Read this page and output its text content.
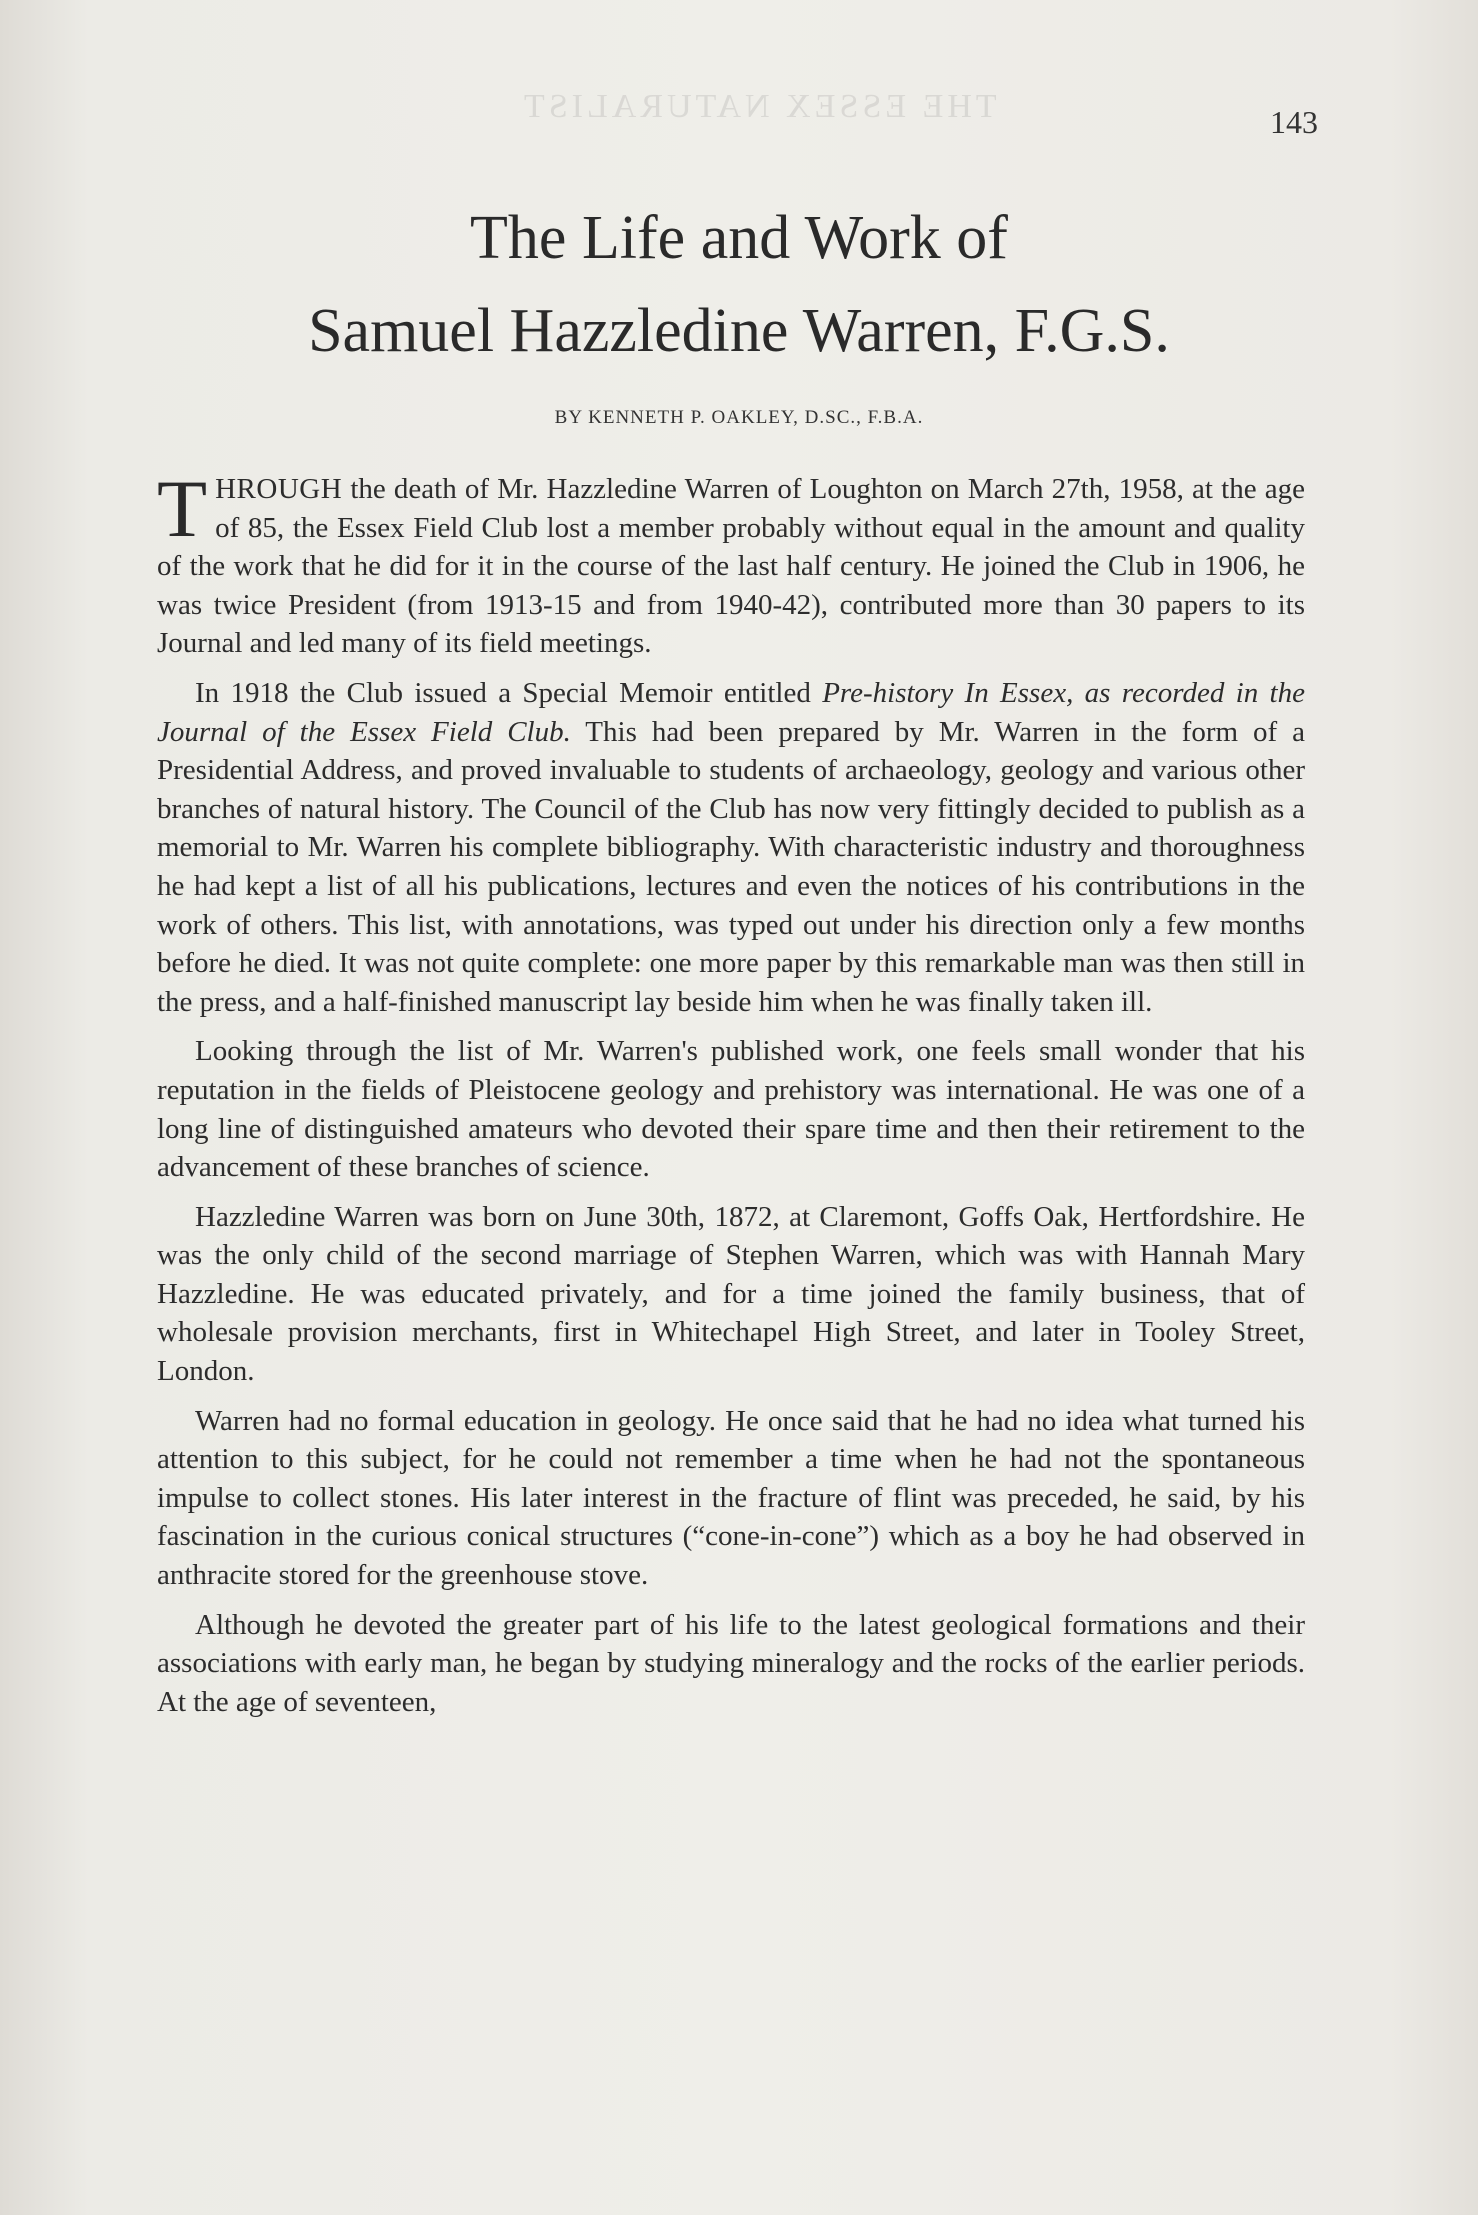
THE ESSEX NATURALIST	143
The Life and Work of
Samuel Hazzledine Warren, F.G.S.
BY KENNETH P. OAKLEY, D.SC., F.B.A.

THROUGH the death of Mr. Hazzledine Warren of Loughton on March 27th, 1958, at the age of 85, the Essex Field Club lost a member probably without equal in the amount and quality of the work that he did for it in the course of the last half century. He joined the Club in 1906, he was twice President (from 1913-15 and from 1940-42), contributed more than 30 papers to its Journal and led many of its field meetings.

In 1918 the Club issued a Special Memoir entitled Pre-history In Essex, as recorded in the Journal of the Essex Field Club. This had been prepared by Mr. Warren in the form of a Presidential Address, and proved invaluable to students of archaeology, geology and various other branches of natural history. The Council of the Club has now very fittingly decided to publish as a memorial to Mr. Warren his complete bibliography. With characteristic industry and thoroughness he had kept a list of all his publications, lectures and even the notices of his contributions in the work of others. This list, with annotations, was typed out under his direction only a few months before he died. It was not quite complete: one more paper by this remarkable man was then still in the press, and a half-finished manuscript lay beside him when he was finally taken ill.

Looking through the list of Mr. Warren's published work, one feels small wonder that his reputation in the fields of Pleistocene geology and prehistory was international. He was one of a long line of distinguished amateurs who devoted their spare time and then their retirement to the advancement of these branches of science.

Hazzledine Warren was born on June 30th, 1872, at Claremont, Goffs Oak, Hertfordshire. He was the only child of the second marriage of Stephen Warren, which was with Hannah Mary Hazzledine. He was educated privately, and for a time joined the family business, that of wholesale provision merchants, first in Whitechapel High Street, and later in Tooley Street, London.

Warren had no formal education in geology. He once said that he had no idea what turned his attention to this subject, for he could not remember a time when he had not the spontaneous impulse to collect stones. His later interest in the fracture of flint was preceded, he said, by his fascination in the curious conical structures (“cone-in-cone”) which as a boy he had observed in anthracite stored for the greenhouse stove.

Although he devoted the greater part of his life to the latest geological formations and their associations with early man, he began by studying mineralogy and the rocks of the earlier periods. At the age of seventeen,
